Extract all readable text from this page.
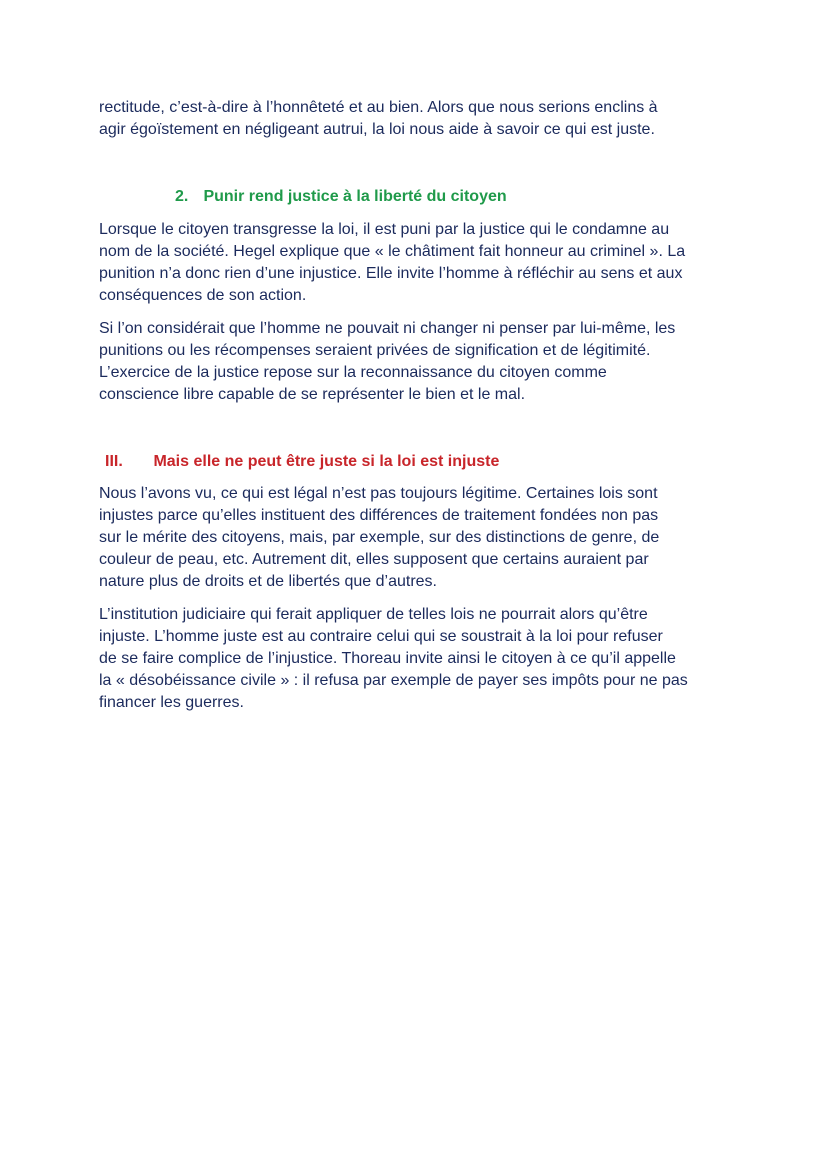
rectitude, c’est-à-dire à l’honnêteté et au bien. Alors que nous serions enclins à
agir égoïstement en négligeant autrui, la loi nous aide à savoir ce qui est juste.

2. Punir rend justice à la liberté du citoyen

Lorsque le citoyen transgresse la loi, il est puni par la justice qui le condamne au
nom de la société. Hegel explique que « le châtiment fait honneur au criminel ». La
punition n’a donc rien d’une injustice. Elle invite l’homme à réfléchir au sens et aux
conséquences de son action.

Si l’on considérait que l’homme ne pouvait ni changer ni penser par lui-même, les
punitions ou les récompenses seraient privées de signification et de légitimité.
L’exercice de la justice repose sur la reconnaissance du citoyen comme
conscience libre capable de se représenter le bien et le mal.

III. Mais elle ne peut être juste si la loi est injuste

Nous l’avons vu, ce qui est légal n’est pas toujours légitime. Certaines lois sont
injustes parce qu’elles instituent des différences de traitement fondées non pas
sur le mérite des citoyens, mais, par exemple, sur des distinctions de genre, de
couleur de peau, etc. Autrement dit, elles supposent que certains auraient par
nature plus de droits et de libertés que d’autres.

L’institution judiciaire qui ferait appliquer de telles lois ne pourrait alors qu’être
injuste. L’homme juste est au contraire celui qui se soustrait à la loi pour refuser
de se faire complice de l’injustice. Thoreau invite ainsi le citoyen à ce qu’il appelle
la « désobéissance civile » : il refusa par exemple de payer ses impôts pour ne pas
financer les guerres.
